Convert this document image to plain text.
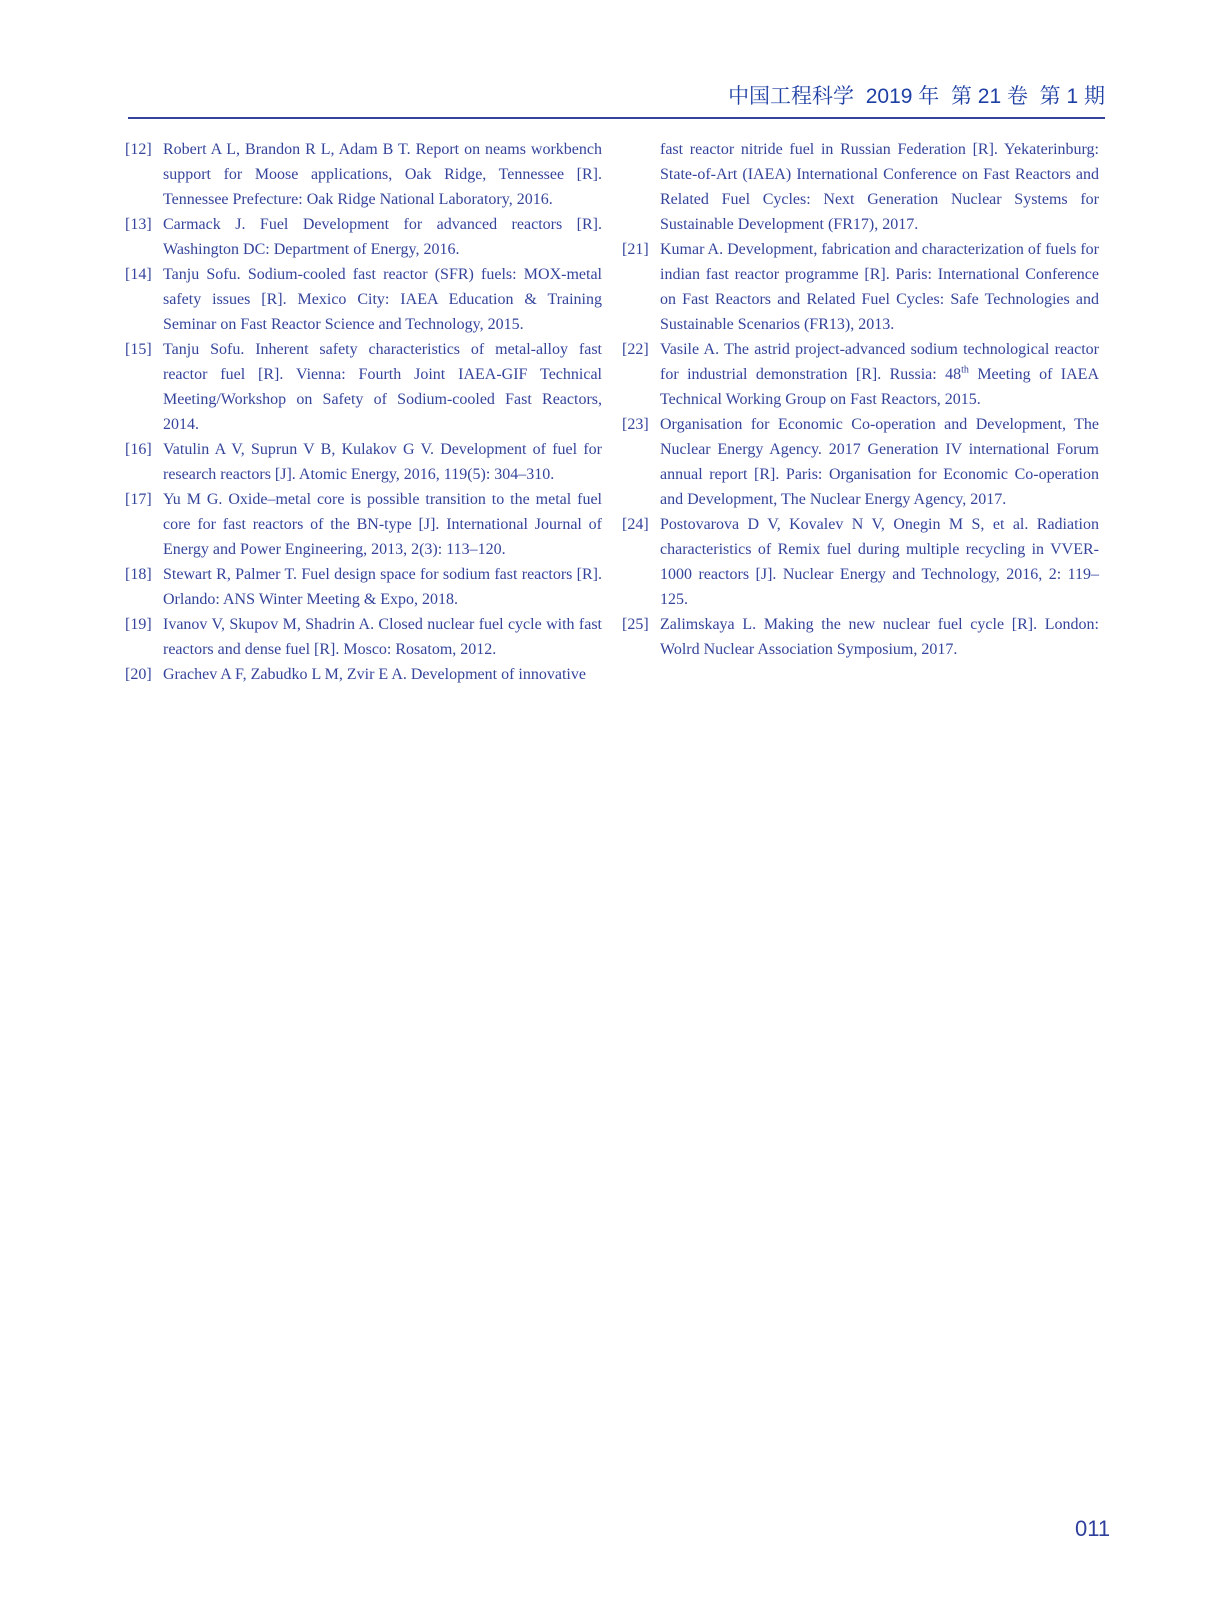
中国工程科学  2019 年  第 21 卷  第 1 期
[12] Robert A L, Brandon R L, Adam B T. Report on neams workbench support for Moose applications, Oak Ridge, Tennessee [R]. Tennessee Prefecture: Oak Ridge National Laboratory, 2016.
[13] Carmack J. Fuel Development for advanced reactors [R]. Washington DC: Department of Energy, 2016.
[14] Tanju Sofu. Sodium-cooled fast reactor (SFR) fuels: MOX-metal safety issues [R]. Mexico City: IAEA Education & Training Seminar on Fast Reactor Science and Technology, 2015.
[15] Tanju Sofu. Inherent safety characteristics of metal-alloy fast reactor fuel [R]. Vienna: Fourth Joint IAEA-GIF Technical Meeting/Workshop on Safety of Sodium-cooled Fast Reactors, 2014.
[16] Vatulin A V, Suprun V B, Kulakov G V. Development of fuel for research reactors [J]. Atomic Energy, 2016, 119(5): 304–310.
[17] Yu M G. Oxide–metal core is possible transition to the metal fuel core for fast reactors of the BN-type [J]. International Journal of Energy and Power Engineering, 2013, 2(3): 113–120.
[18] Stewart R, Palmer T. Fuel design space for sodium fast reactors [R]. Orlando: ANS Winter Meeting & Expo, 2018.
[19] Ivanov V, Skupov M, Shadrin A. Closed nuclear fuel cycle with fast reactors and dense fuel [R]. Mosco: Rosatom, 2012.
[20] Grachev A F, Zabudko L M, Zvir E A. Development of innovative
fast reactor nitride fuel in Russian Federation [R]. Yekaterinburg: State-of-Art (IAEA) International Conference on Fast Reactors and Related Fuel Cycles: Next Generation Nuclear Systems for Sustainable Development (FR17), 2017.
[21] Kumar A. Development, fabrication and characterization of fuels for indian fast reactor programme [R]. Paris: International Conference on Fast Reactors and Related Fuel Cycles: Safe Technologies and Sustainable Scenarios (FR13), 2013.
[22] Vasile A. The astrid project-advanced sodium technological reactor for industrial demonstration [R]. Russia: 48th Meeting of IAEA Technical Working Group on Fast Reactors, 2015.
[23] Organisation for Economic Co-operation and Development, The Nuclear Energy Agency. 2017 Generation IV international Forum annual report [R]. Paris: Organisation for Economic Co-operation and Development, The Nuclear Energy Agency, 2017.
[24] Postovarova D V, Kovalev N V, Onegin M S, et al. Radiation characteristics of Remix fuel during multiple recycling in VVER-1000 reactors [J]. Nuclear Energy and Technology, 2016, 2: 119–125.
[25] Zalimskaya L. Making the new nuclear fuel cycle [R]. London: Wolrd Nuclear Association Symposium, 2017.
011
